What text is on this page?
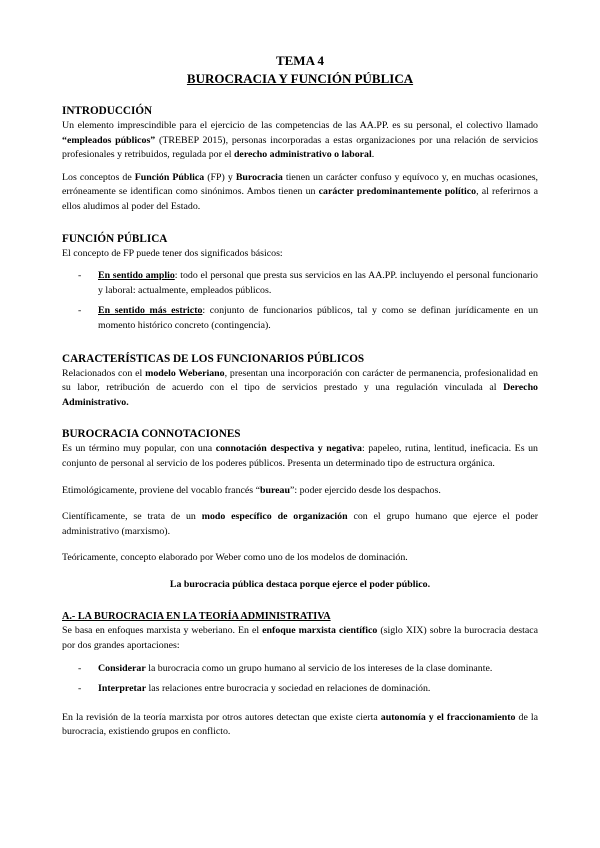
TEMA 4
BUROCRACIA Y FUNCIÓN PÚBLICA
INTRODUCCIÓN

Un elemento imprescindible para el ejercicio de las competencias de las AA.PP. es su personal, el colectivo llamado “empleados públicos” (TREBEP 2015), personas incorporadas a estas organizaciones por una relación de servicios profesionales y retribuidos, regulada por el derecho administrativo o laboral.

Los conceptos de Función Pública (FP) y Burocracia tienen un carácter confuso y equívoco y, en muchas ocasiones, erróneamente se identifican como sinónimos. Ambos tienen un carácter predominantemente político, al referirnos a ellos aludimos al poder del Estado.

FUNCIÓN PÚBLICA

El concepto de FP puede tener dos significados básicos:

- En sentido amplio: todo el personal que presta sus servicios en las AA.PP. incluyendo el personal funcionario y laboral: actualmente, empleados públicos.
- En sentido más estricto: conjunto de funcionarios públicos, tal y como se definan jurídicamente en un momento histórico concreto (contingencia).
CARACTERÍSTICAS DE LOS FUNCIONARIOS PÚBLICOS

Relacionados con el modelo Weberiano, presentan una incorporación con carácter de permanencia, profesionalidad en su labor, retribución de acuerdo con el tipo de servicios prestado y una regulación vinculada al Derecho Administrativo.

BUROCRACIA CONNOTACIONES

Es un término muy popular, con una connotación despectiva y negativa: papeleo, rutina, lentitud, ineficacia. Es un conjunto de personal al servicio de los poderes públicos. Presenta un determinado tipo de estructura orgánica.

Etimológicamente, proviene del vocablo francés “bureau”: poder ejercido desde los despachos.

Científicamente, se trata de un modo específico de organización con el grupo humano que ejerce el poder administrativo (marxismo).

Teóricamente, concepto elaborado por Weber como uno de los modelos de dominación.

La burocracia pública destaca porque ejerce el poder público.

A.- LA BUROCRACIA EN LA TEORÍA ADMINISTRATIVA

Se basa en enfoques marxista y weberiano. En el enfoque marxista científico (siglo XIX) sobre la burocracia destaca por dos grandes aportaciones:

- Considerar la burocracia como un grupo humano al servicio de los intereses de la clase dominante.
- Interpretar las relaciones entre burocracia y sociedad en relaciones de dominación.

En la revisión de la teoría marxista por otros autores detectan que existe cierta autonomía y el fraccionamiento de la burocracia, existiendo grupos en conflicto.
